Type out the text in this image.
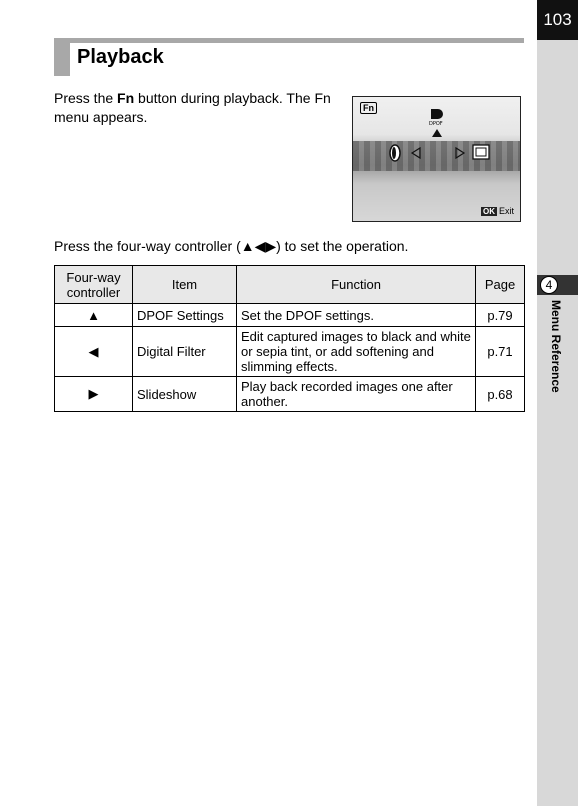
103
4
Menu Reference
Playback
Press the Fn button during playback. The Fn menu appears.
Fn
DPOF
OK Exit
Press the four-way controller (▲◀▶) to set the operation.
Four-way controller	Item	Function	Page
▲	DPOF Settings	Set the DPOF settings.	p.79
◀	Digital Filter	Edit captured images to black and white or sepia tint, or add softening and slimming effects.	p.71
▶	Slideshow	Play back recorded images one after another.	p.68
